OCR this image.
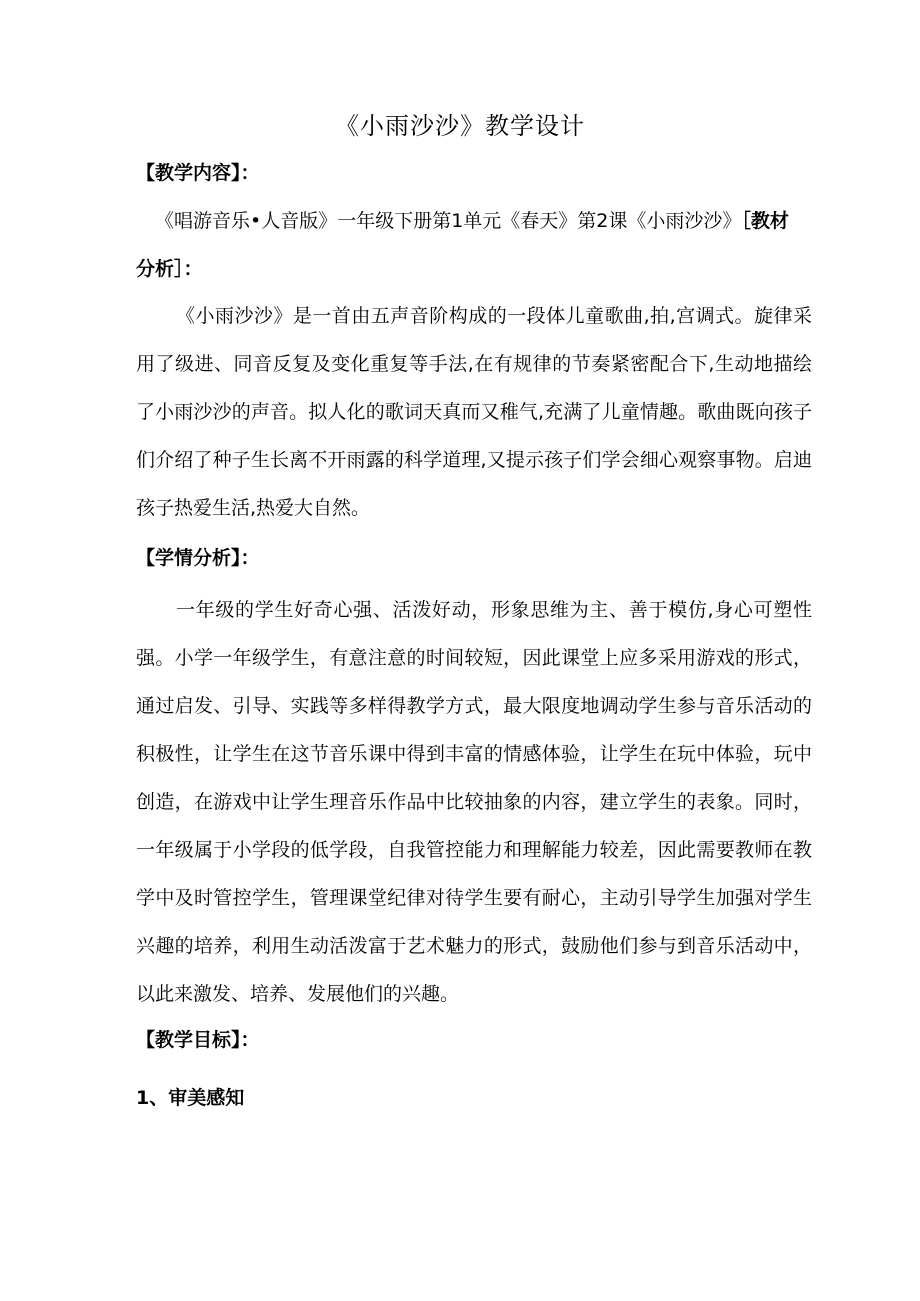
《小雨沙沙》教学设计
【教学内容】：
《唱游音乐•人音版》一年级下册第1单元《春天》第2课《小雨沙沙》［教材
分析］：

《小雨沙沙》是一首由五声音阶构成的一段体儿童歌曲,拍,宫调式。旋律采用了级进、同音反复及变化重复等手法,在有规律的节奏紧密配合下,生动地描绘了小雨沙沙的声音。拟人化的歌词天真而又稚气,充满了儿童情趣。歌曲既向孩子们介绍了种子生长离不开雨露的科学道理,又提示孩子们学会细心观察事物。启迪孩子热爱生活,热爱大自然。

【学情分析】：

一年级的学生好奇心强、活泼好动，形象思维为主、善于模仿,身心可塑性强。小学一年级学生，有意注意的时间较短，因此课堂上应多采用游戏的形式，通过启发、引导、实践等多样得教学方式，最大限度地调动学生参与音乐活动的积极性，让学生在这节音乐课中得到丰富的情感体验，让学生在玩中体验，玩中创造，在游戏中让学生理音乐作品中比较抽象的内容，建立学生的表象。同时，一年级属于小学段的低学段，自我管控能力和理解能力较差，因此需要教师在教学中及时管控学生，管理课堂纪律对待学生要有耐心，主动引导学生加强对学生兴趣的培养，利用生动活泼富于艺术魅力的形式，鼓励他们参与到音乐活动中，以此来激发、培养、发展他们的兴趣。

【教学目标】：
1、审美感知
